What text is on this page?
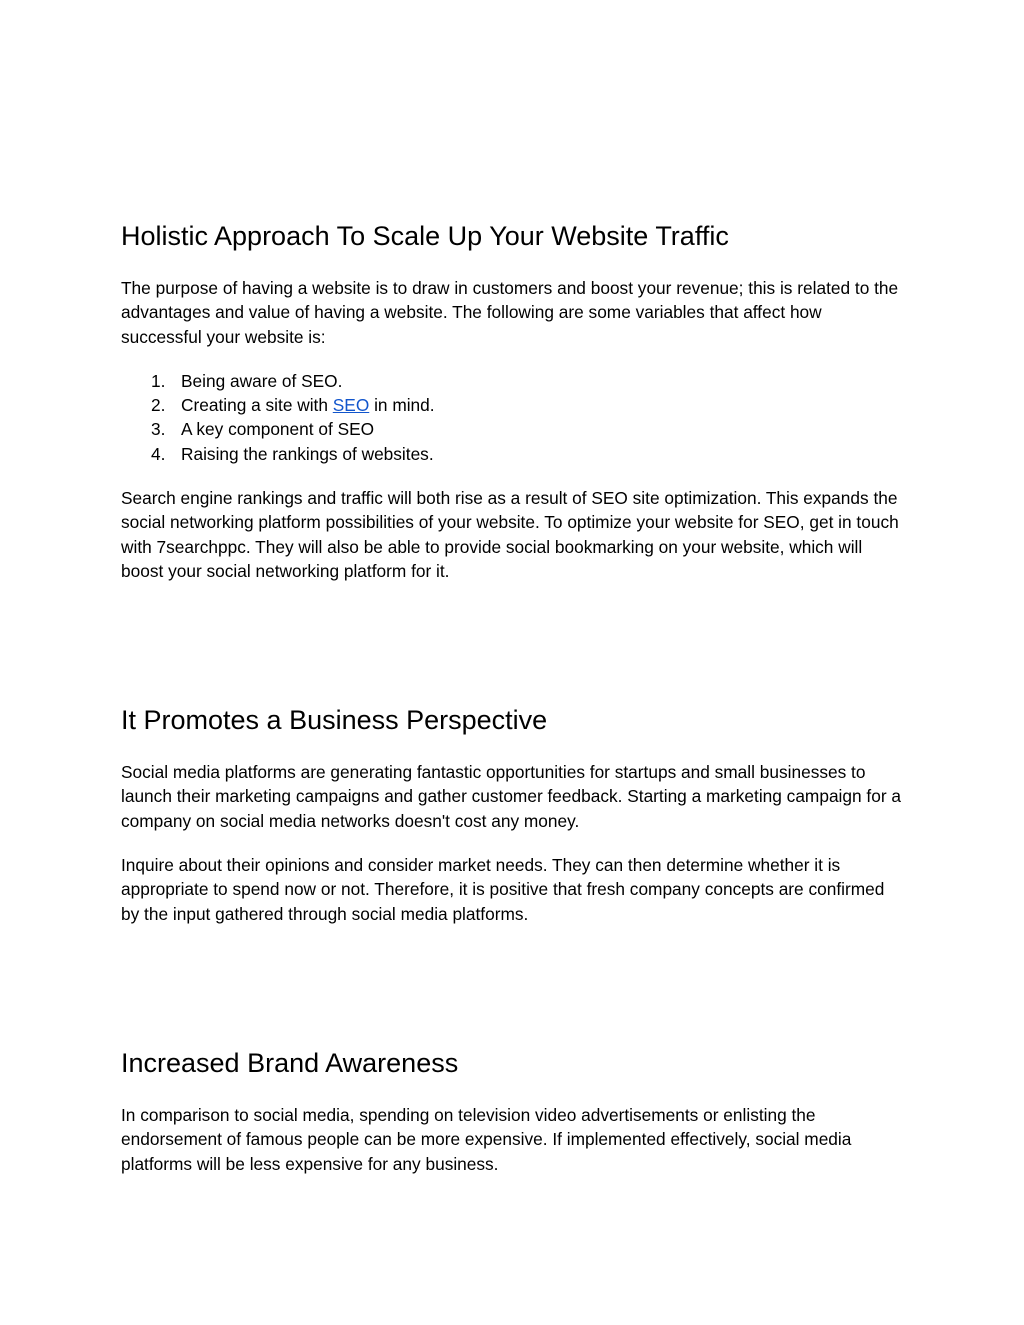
Holistic Approach To Scale Up Your Website Traffic

The purpose of having a website is to draw in customers and boost your revenue; this is related to the advantages and value of having a website. The following are some variables that affect how successful your website is:

1. Being aware of SEO.
2. Creating a site with SEO in mind.
3. A key component of SEO
4. Raising the rankings of websites.

Search engine rankings and traffic will both rise as a result of SEO site optimization. This expands the social networking platform possibilities of your website. To optimize your website for SEO, get in touch with 7searchppc. They will also be able to provide social bookmarking on your website, which will boost your social networking platform for it.

It Promotes a Business Perspective

Social media platforms are generating fantastic opportunities for startups and small businesses to launch their marketing campaigns and gather customer feedback. Starting a marketing campaign for a company on social media networks doesn't cost any money.

Inquire about their opinions and consider market needs. They can then determine whether it is appropriate to spend now or not. Therefore, it is positive that fresh company concepts are confirmed by the input gathered through social media platforms.

Increased Brand Awareness

In comparison to social media, spending on television video advertisements or enlisting the endorsement of famous people can be more expensive. If implemented effectively, social media platforms will be less expensive for any business.
